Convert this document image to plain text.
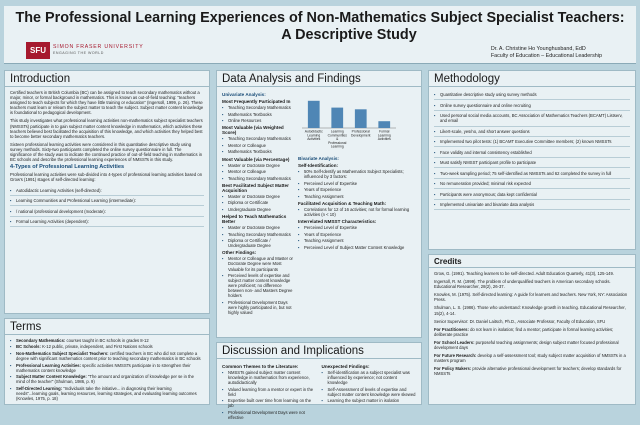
The Professional Learning Experiences of Non-Mathematics Subject Specialist Teachers:
A Descriptive Study
SFU	SIMON FRASER UNIVERSITY
ENGAGING THE WORLD
Dr. A. Christine Ho Younghusband, EdD
Faculty of Education – Educational Leadership
Introduction

Certified teachers in British Columbia (BC) can be assigned to teach secondary mathematics without a major, minor, or formal background in mathematics. This is known as out-of-field teaching: "teachers assigned to teach subjects for which they have little training or education" (Ingersoll, 1999, p. 26). These teachers must learn or relearn the subject matter to teach the subject. Subject matter content knowledge is foundational to pedagogical development.

This study investigates what professional learning activities non-mathematics subject specialist teachers (NMSSTs) participate in to gain subject matter content knowledge in mathematics, which activities these teachers believed best facilitated the acquisition of this knowledge, and which activities they helped best to become better secondary mathematics teachers.

Sixteen professional learning activities were considered in this quantitative descriptive study using survey methods. Sixty-two participants completed the online survey questionnaire in full. The significance of the study was to indicate the continued practice of out-of-field teaching in mathematics in BC schools and describe the professional learning experiences of NMSSTs in this study.

4-Types of Professional Learning Activities

Professional learning activities were sub-divided into 4-types of professional learning activities based on Grow's (1991) stages of self-directed learning:

▪ Autodidactic Learning Activities (self-directed):
▪ Learning Communities and Professional Learning (intermediate):
▪ / national /professional development (moderate):
▪ Formal Learning Activities (dependent):
Terms
▪ Secondary Mathematics: courses taught in BC schools in grades 8-12
▪ BC Schools: K-12 public, private, independent, and First Nations schools
▪ Non-Mathematics Subject Specialist Teachers: certified teachers in BC who did not complete a degree with significant mathematics content prior to teaching secondary mathematics in BC schools
▪ Professional Learning Activities: specific activities NMSSTs participate in to strengthen their mathematics content knowledge
▪ Subject Matter Content Knowledge: "The amount and organization of knowledge per se in the mind of the teacher" (Shulman, 1986, p. 9)
▪ Self-Directed Learning: "Individuals take the initiative... in diagnosing their learning needs"...learning goals, learning resources, learning strategies, and evaluating learning outcomes (Knowles, 1975, p. 18)
Data Analysis and Findings
Univariate Analysis:
Most Frequently Participated In
▪ Teaching Secondary Mathematics
▪ Mathematics Textbooks
▪ Online Resources
Most Valuable (via Weighted Score)
▪ Teaching Secondary Mathematics
▪ Mentor or Colleague
▪ Mathematics Textbooks
Most Valuable (via Percentage)
▪ Master or Doctorate Degree
▪ Mentor or Colleague
▪ Teaching Secondary Mathematics
Best Facilitated Subject Matter Acquisition
▪ Master or Doctorate Degree
▪ Diploma or Certificate
▪ Undergraduate Degree
Helped to Teach Mathematics Better
▪ Master or Doctorate Degree
▪ Teaching Secondary Mathematics
▪ Diploma or Certificate / Undergraduate Degree
Other Findings:
▪ Mentor or Colleague and Master or Doctorate Degree were Most Valuable for its participants
▪ Perceived levels of expertise and subject matter content knowledge were proficient; no difference between non- and Masters Degree holders
▪ Professional Development Days were highly participated in, but not highly valued
Autodidactic Learning Activities
Learning Communities & Professional Learning
Professional Development
Formal Learning Activities
Bivariate Analysis:
Self-Identification:
▪ 50% Self-Identify as Mathematics Subject Specialists; influenced by 3 factors:
▪ Perceived Level of Expertise
▪ Years of Experience
▪ Teaching Assignment
Facilitated Acquisition & Teaching Math:
▪ Correlations for 12 of 16 activities; not for formal learning activities (n < 10)
Interrelated NMSST Characteristics:
▪ Perceived Level of Expertise
▪ Years of Experience
▪ Teaching Assignment
▪ Perceived Level of Subject Matter Content Knowledge
Discussion and Implications
Common Themes to the Literature:
▪ NMSSTs gained subject matter content knowledge in mathematics from experience, autodidactically
▪ Valued learning from a mentor or expert in the field
▪ Expertise built over time from learning on the job
▪ Professional Development Days were not effective
Unexpected Findings:
▪ Self-identification as a subject specialist was influenced by experience; not content knowledge
▪ Self-Assessment of levels of expertise and subject matter content knowledge were skewed
▪ Learning the subject matter in isolation
Methodology
▪ Quantitative descriptive study using survey methods
▪ Online survey questionnaire and online recruiting
▪ Used personal social media accounts, BC Association of Mathematics Teachers (BCAMT) Listserv, and email
▪ Likert-scale, yes/no, and short answer questions
▪ Implemented two pilot tests: (1) BCAMT Executive Committee members; (2) known NMSSTs
▪ Face validity and internal consistency established
▪ Must satisfy NMSST participant profile to participate
▪ Two-week sampling period; 75 self-identified as NMSSTs and 62 completed the survey in full
▪ No remuneration provided; minimal risk expected
▪ Participants were anonymous; data kept confidential
▪ Implemented univariate and bivariate data analysis
Credits

Grow, G. (1991). Teaching learners to be self-directed. Adult Education Quarterly, 41(3), 125-149.

Ingersoll, R. M. (1999). The problem of underqualified teachers in American secondary schools. Educational Researcher, 28(2), 26-37.

Knowles, M. (1975). Self-directed learning: A guide for learners and teachers. New York, NY: Association Press.

Shulman, L. S. (1986). Those who understand: Knowledge growth in teaching. Educational Researcher, 15(2), 4-14.

Senior Supervisor: Dr. Daniel Laitsch, Ph.D., Associate Professor, Faculty of Education, SFU

For Practitioners: do not learn in isolation; find a mentor; participate in formal learning activities; deliberate practice

For School Leaders: purposeful teaching assignments; design subject matter focused professional development days

For Future Research: develop a self-assessment tool; study subject matter acquisition of NMSSTs in a masters program

For Policy Makers: provide alternative professional development for teachers; develop standards for NMSSTs
